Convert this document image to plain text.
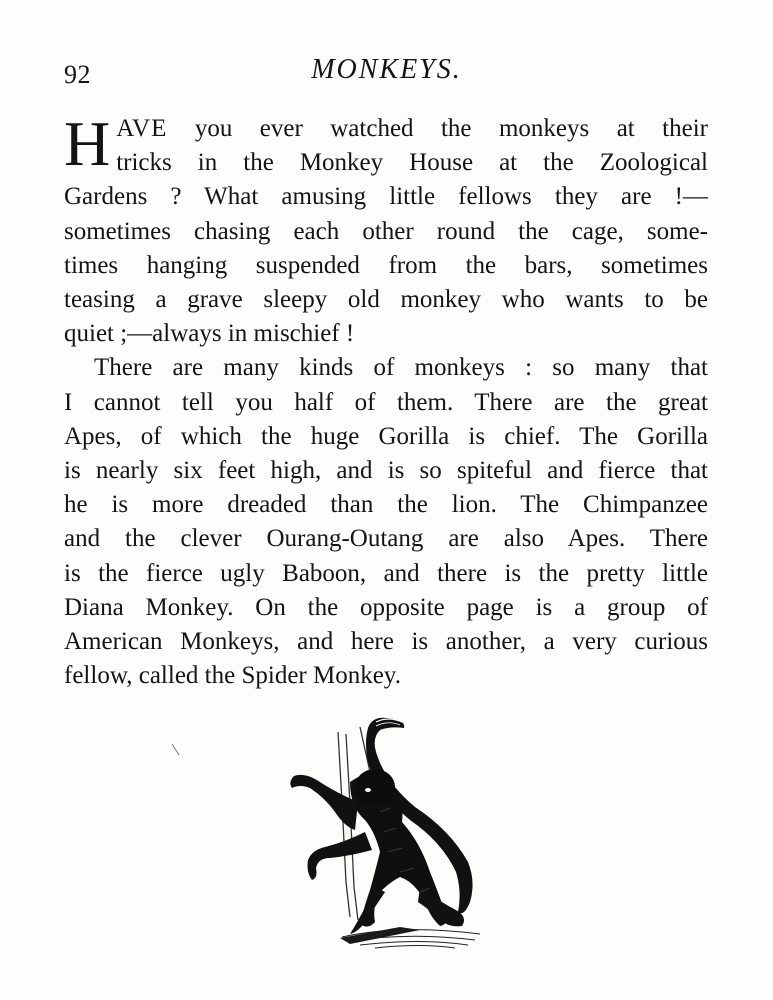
92	MONKEYS.
H AVE you ever watched the monkeys at their
tricks in the Monkey House at the Zoological
Gardens ? What amusing little fellows they are !—
sometimes chasing each other round the cage, some-
times hanging suspended from the bars, sometimes
teasing a grave sleepy old monkey who wants to be
quiet ;—always in mischief !
There are many kinds of monkeys : so many that
I cannot tell you half of them. There are the great
Apes, of which the huge Gorilla is chief. The Gorilla
is nearly six feet high, and is so spiteful and fierce that
he is more dreaded than the lion. The Chimpanzee
and the clever Ourang-Outang are also Apes. There
is the fierce ugly Baboon, and there is the pretty little
Diana Monkey. On the opposite page is a group of
American Monkeys, and here is another, a very curious
fellow, called the Spider Monkey.
